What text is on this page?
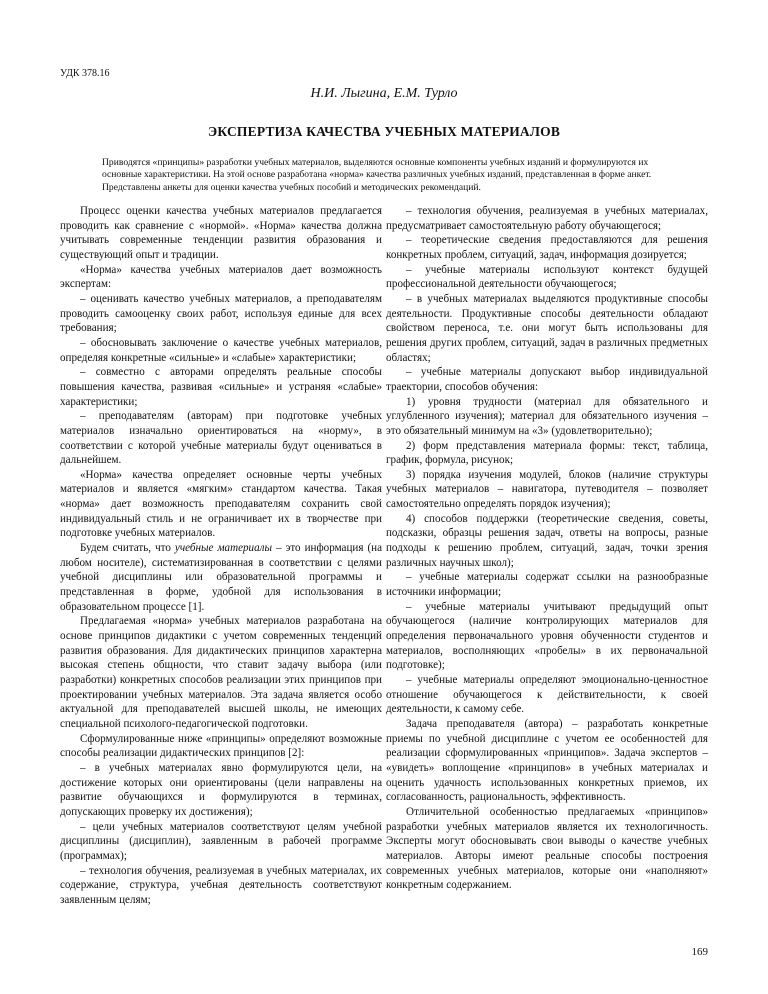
УДК 378.16
Н.И. Лыгина, Е.М. Турло
ЭКСПЕРТИЗА КАЧЕСТВА УЧЕБНЫХ МАТЕРИАЛОВ

Приводятся «принципы» разработки учебных материалов, выделяются основные компоненты учебных изданий и формулируются их основные характеристики. На этой основе разработана «норма» качества различных учебных изданий, представленная в форме анкет. Представлены анкеты для оценки качества учебных пособий и методических рекомендаций.

Процесс оценки качества учебных материалов предлагается проводить как сравнение с «нормой». «Норма» качества должна учитывать современные тенденции развития образования и существующий опыт и традиции.

«Норма» качества учебных материалов дает возможность экспертам:

– оценивать качество учебных материалов, а преподавателям проводить самооценку своих работ, используя единые для всех требования;

– обосновывать заключение о качестве учебных материалов, определяя конкретные «сильные» и «слабые» характеристики;

– совместно с авторами определять реальные способы повышения качества, развивая «сильные» и устраняя «слабые» характеристики;

– преподавателям (авторам) при подготовке учебных материалов изначально ориентироваться на «норму», в соответствии с которой учебные материалы будут оцениваться в дальнейшем.

«Норма» качества определяет основные черты учебных материалов и является «мягким» стандартом качества. Такая «норма» дает возможность преподавателям сохранить свой индивидуальный стиль и не ограничивает их в творчестве при подготовке учебных материалов.

Будем считать, что учебные материалы – это информация (на любом носителе), систематизированная в соответствии с целями учебной дисциплины или образовательной программы и представленная в форме, удобной для использования в образовательном процессе [1].

Предлагаемая «норма» учебных материалов разработана на основе принципов дидактики с учетом современных тенденций развития образования. Для дидактических принципов характерна высокая степень общности, что ставит задачу выбора (или разработки) конкретных способов реализации этих принципов при проектировании учебных материалов. Эта задача является особо актуальной для преподавателей высшей школы, не имеющих специальной психолого-педагогической подготовки.

Сформулированные ниже «принципы» определяют возможные способы реализации дидактических принципов [2]:

– в учебных материалах явно формулируются цели, на достижение которых они ориентированы (цели направлены на развитие обучающихся и формулируются в терминах, допускающих проверку их достижения);

– цели учебных материалов соответствуют целям учебной дисциплины (дисциплин), заявленным в рабочей программе (программах);

– технология обучения, реализуемая в учебных материалах, их содержание, структура, учебная деятельность соответствуют заявленным целям;

– технология обучения, реализуемая в учебных материалах, предусматривает самостоятельную работу обучающегося;

– теоретические сведения предоставляются для решения конкретных проблем, ситуаций, задач, информация дозируется;

– учебные материалы используют контекст будущей профессиональной деятельности обучающегося;

– в учебных материалах выделяются продуктивные способы деятельности. Продуктивные способы деятельности обладают свойством переноса, т.е. они могут быть использованы для решения других проблем, ситуаций, задач в различных предметных областях;

– учебные материалы допускают выбор индивидуальной траектории, способов обучения:

1) уровня трудности (материал для обязательного и углубленного изучения); материал для обязательного изучения – это обязательный минимум на «3» (удовлетворительно);

2) форм представления материала формы: текст, таблица, график, формула, рисунок;

3) порядка изучения модулей, блоков (наличие структуры учебных материалов – навигатора, путеводителя – позволяет самостоятельно определять порядок изучения);

4) способов поддержки (теоретические сведения, советы, подсказки, образцы решения задач, ответы на вопросы, разные подходы к решению проблем, ситуаций, задач, точки зрения различных научных школ);

– учебные материалы содержат ссылки на разнообразные источники информации;

– учебные материалы учитывают предыдущий опыт обучающегося (наличие контролирующих материалов для определения первоначального уровня обученности студентов и материалов, восполняющих «пробелы» в их первоначальной подготовке);

– учебные материалы определяют эмоционально-ценностное отношение обучающегося к действительности, к своей деятельности, к самому себе.

Задача преподавателя (автора) – разработать конкретные приемы по учебной дисциплине с учетом ее особенностей для реализации сформулированных «принципов». Задача экспертов – «увидеть» воплощение «принципов» в учебных материалах и оценить удачность использованных конкретных приемов, их согласованность, рациональность, эффективность.

Отличительной особенностью предлагаемых «принципов» разработки учебных материалов является их технологичность. Эксперты могут обосновывать свои выводы о качестве учебных материалов. Авторы имеют реальные способы построения современных учебных материалов, которые они «наполняют» конкретным содержанием.

169
